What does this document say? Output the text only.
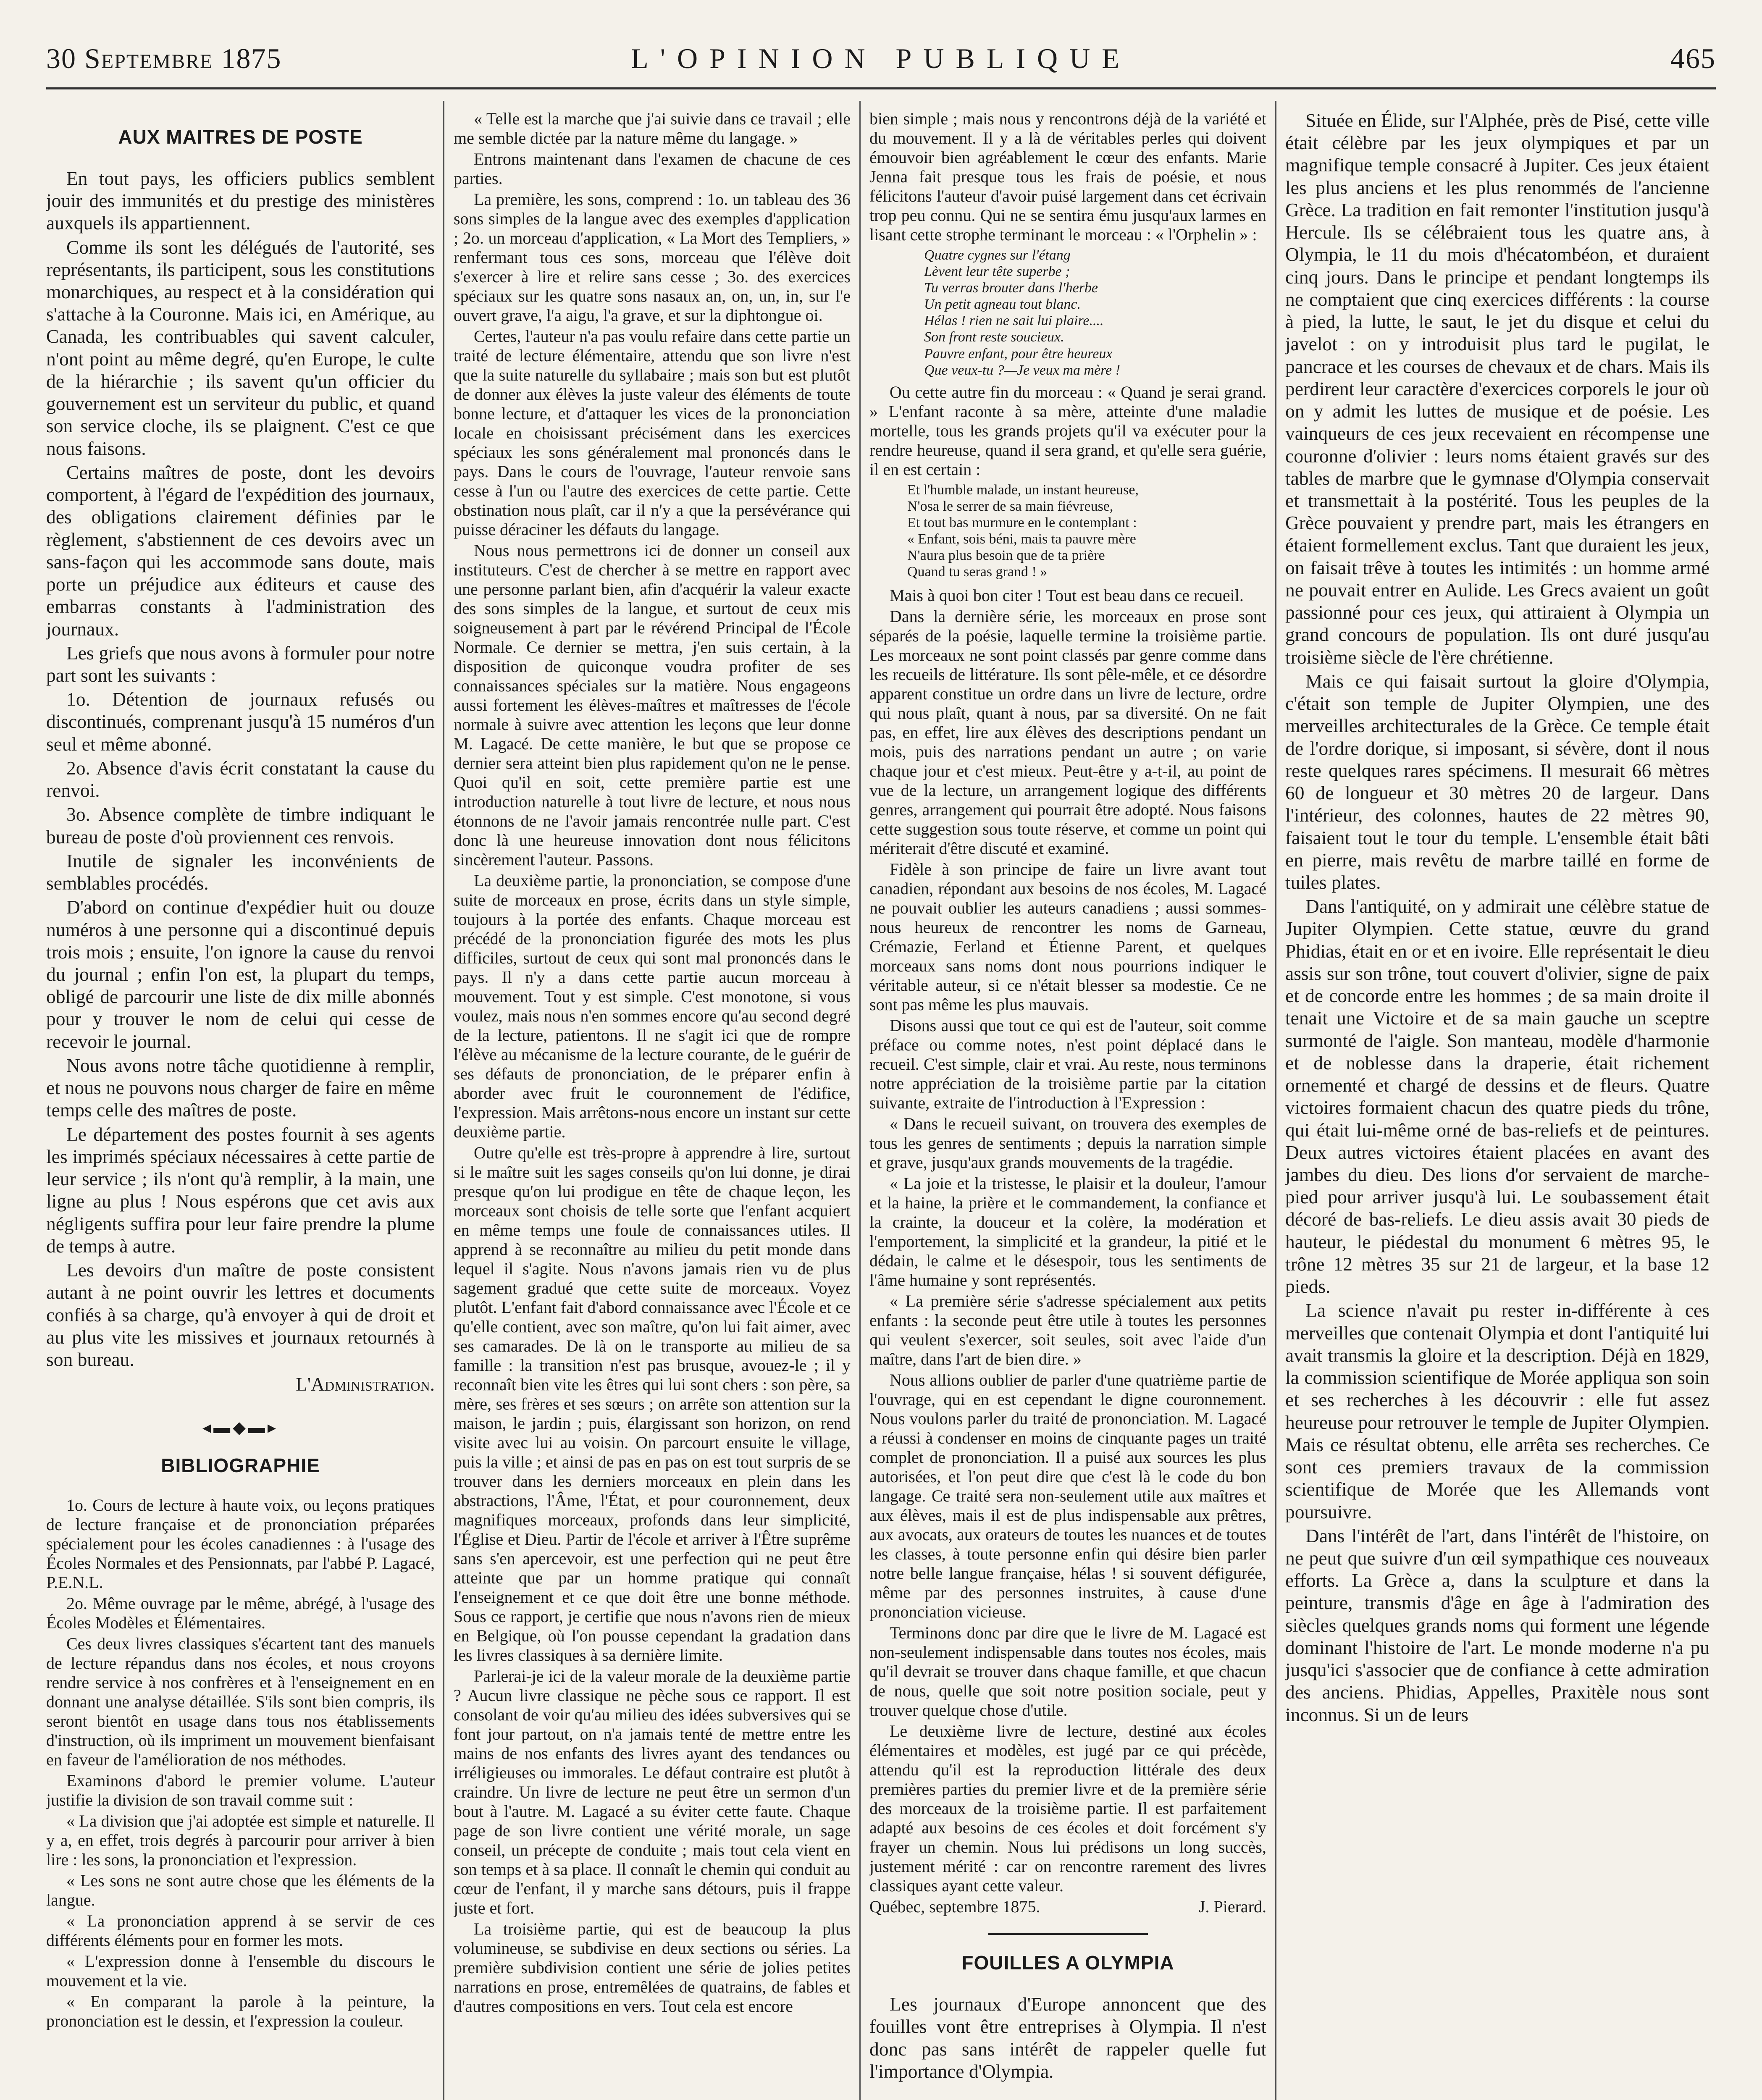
30 Septembre 1875	L'OPINION PUBLIQUE	465
AUX MAITRES DE POSTE

En tout pays, les officiers publics semblent jouir des immunités et du prestige des ministères auxquels ils appartiennent.

Comme ils sont les délégués de l'autorité, ses représentants, ils participent, sous les constitutions monarchiques, au respect et à la considération qui s'attache à la Couronne. Mais ici, en Amérique, au Canada, les contribuables qui savent calculer, n'ont point au même degré, qu'en Europe, le culte de la hiérarchie ; ils savent qu'un officier du gouvernement est un serviteur du public, et quand son service cloche, ils se plaignent. C'est ce que nous faisons.

Certains maîtres de poste, dont les devoirs comportent, à l'égard de l'expédition des journaux, des obligations clairement définies par le règlement, s'abstiennent de ces devoirs avec un sans-façon qui les accommode sans doute, mais porte un préjudice aux éditeurs et cause des embarras constants à l'administration des journaux.

Les griefs que nous avons à formuler pour notre part sont les suivants :

1o. Détention de journaux refusés ou discontinués, comprenant jusqu'à 15 numéros d'un seul et même abonné.

2o. Absence d'avis écrit constatant la cause du renvoi.

3o. Absence complète de timbre indiquant le bureau de poste d'où proviennent ces renvois.

Inutile de signaler les inconvénients de semblables procédés.

D'abord on continue d'expédier huit ou douze numéros à une personne qui a discontinué depuis trois mois ; ensuite, l'on ignore la cause du renvoi du journal ; enfin l'on est, la plupart du temps, obligé de parcourir une liste de dix mille abonnés pour y trouver le nom de celui qui cesse de recevoir le journal.

Nous avons notre tâche quotidienne à remplir, et nous ne pouvons nous charger de faire en même temps celle des maîtres de poste.

Le département des postes fournit à ses agents les imprimés spéciaux nécessaires à cette partie de leur service ; ils n'ont qu'à remplir, à la main, une ligne au plus ! Nous espérons que cet avis aux négligents suffira pour leur faire prendre la plume de temps à autre.

Les devoirs d'un maître de poste consistent autant à ne point ouvrir les lettres et documents confiés à sa charge, qu'à envoyer à qui de droit et au plus vite les missives et journaux retournés à son bureau.

L'Administration.

◂▬◆▬▸
BIBLIOGRAPHIE

1o. Cours de lecture à haute voix, ou leçons pratiques de lecture française et de prononciation préparées spécialement pour les écoles canadiennes : à l'usage des Écoles Normales et des Pensionnats, par l'abbé P. Lagacé, P.E.N.L.

2o. Même ouvrage par le même, abrégé, à l'usage des Écoles Modèles et Élémentaires.

Ces deux livres classiques s'écartent tant des manuels de lecture répandus dans nos écoles, et nous croyons rendre service à nos confrères et à l'enseignement en en donnant une analyse détaillée. S'ils sont bien compris, ils seront bientôt en usage dans tous nos établissements d'instruction, où ils impriment un mouvement bienfaisant en faveur de l'amélioration de nos méthodes.

Examinons d'abord le premier volume. L'auteur justifie la division de son travail comme suit :

« La division que j'ai adoptée est simple et naturelle. Il y a, en effet, trois degrés à parcourir pour arriver à bien lire : les sons, la prononciation et l'expression.

« Les sons ne sont autre chose que les éléments de la langue.

« La prononciation apprend à se servir de ces différents éléments pour en former les mots.

« L'expression donne à l'ensemble du discours le mouvement et la vie.

« En comparant la parole à la peinture, la prononciation est le dessin, et l'expression la couleur.

« Telle est la marche que j'ai suivie dans ce travail ; elle me semble dictée par la nature même du langage. »

Entrons maintenant dans l'examen de chacune de ces parties.

La première, les sons, comprend : 1o. un tableau des 36 sons simples de la langue avec des exemples d'application ; 2o. un morceau d'application, « La Mort des Templiers, » renfermant tous ces sons, morceau que l'élève doit s'exercer à lire et relire sans cesse ; 3o. des exercices spéciaux sur les quatre sons nasaux an, on, un, in, sur l'e ouvert grave, l'a aigu, l'a grave, et sur la diphtongue oi.

Certes, l'auteur n'a pas voulu refaire dans cette partie un traité de lecture élémentaire, attendu que son livre n'est que la suite naturelle du syllabaire ; mais son but est plutôt de donner aux élèves la juste valeur des éléments de toute bonne lecture, et d'attaquer les vices de la prononciation locale en choisissant précisément dans les exercices spéciaux les sons généralement mal prononcés dans le pays. Dans le cours de l'ouvrage, l'auteur renvoie sans cesse à l'un ou l'autre des exercices de cette partie. Cette obstination nous plaît, car il n'y a que la persévérance qui puisse déraciner les défauts du langage.

Nous nous permettrons ici de donner un conseil aux instituteurs. C'est de chercher à se mettre en rapport avec une personne parlant bien, afin d'acquérir la valeur exacte des sons simples de la langue, et surtout de ceux mis soigneusement à part par le révérend Principal de l'École Normale. Ce dernier se mettra, j'en suis certain, à la disposition de quiconque voudra profiter de ses connaissances spéciales sur la matière. Nous engageons aussi fortement les élèves-maîtres et maîtresses de l'école normale à suivre avec attention les leçons que leur donne M. Lagacé. De cette manière, le but que se propose ce dernier sera atteint bien plus rapidement qu'on ne le pense. Quoi qu'il en soit, cette première partie est une introduction naturelle à tout livre de lecture, et nous nous étonnons de ne l'avoir jamais rencontrée nulle part. C'est donc là une heureuse innovation dont nous félicitons sincèrement l'auteur. Passons.

La deuxième partie, la prononciation, se compose d'une suite de morceaux en prose, écrits dans un style simple, toujours à la portée des enfants. Chaque morceau est précédé de la prononciation figurée des mots les plus difficiles, surtout de ceux qui sont mal prononcés dans le pays. Il n'y a dans cette partie aucun morceau à mouvement. Tout y est simple. C'est monotone, si vous voulez, mais nous n'en sommes encore qu'au second degré de la lecture, patientons. Il ne s'agit ici que de rompre l'élève au mécanisme de la lecture courante, de le guérir de ses défauts de prononciation, de le préparer enfin à aborder avec fruit le couronnement de l'édifice, l'expression. Mais arrêtons-nous encore un instant sur cette deuxième partie.

Outre qu'elle est très-propre à apprendre à lire, surtout si le maître suit les sages conseils qu'on lui donne, je dirai presque qu'on lui prodigue en tête de chaque leçon, les morceaux sont choisis de telle sorte que l'enfant acquiert en même temps une foule de connaissances utiles. Il apprend à se reconnaître au milieu du petit monde dans lequel il s'agite. Nous n'avons jamais rien vu de plus sagement gradué que cette suite de morceaux. Voyez plutôt. L'enfant fait d'abord connaissance avec l'École et ce qu'elle contient, avec son maître, qu'on lui fait aimer, avec ses camarades. De là on le transporte au milieu de sa famille : la transition n'est pas brusque, avouez-le ; il y reconnaît bien vite les êtres qui lui sont chers : son père, sa mère, ses frères et ses sœurs ; on arrête son attention sur la maison, le jardin ; puis, élargissant son horizon, on rend visite avec lui au voisin. On parcourt ensuite le village, puis la ville ; et ainsi de pas en pas on est tout surpris de se trouver dans les derniers morceaux en plein dans les abstractions, l'Âme, l'État, et pour couronnement, deux magnifiques morceaux, profonds dans leur simplicité, l'Église et Dieu. Partir de l'école et arriver à l'Être suprême sans s'en apercevoir, est une perfection qui ne peut être atteinte que par un homme pratique qui connaît l'enseignement et ce que doit être une bonne méthode. Sous ce rapport, je certifie que nous n'avons rien de mieux en Belgique, où l'on pousse cependant la gradation dans les livres classiques à sa dernière limite.

Parlerai-je ici de la valeur morale de la deuxième partie ? Aucun livre classique ne pèche sous ce rapport. Il est consolant de voir qu'au milieu des idées subversives qui se font jour partout, on n'a jamais tenté de mettre entre les mains de nos enfants des livres ayant des tendances ou irréligieuses ou immorales. Le défaut contraire est plutôt à craindre. Un livre de lecture ne peut être un sermon d'un bout à l'autre. M. Lagacé a su éviter cette faute. Chaque page de son livre contient une vérité morale, un sage conseil, un précepte de conduite ; mais tout cela vient en son temps et à sa place. Il connaît le chemin qui conduit au cœur de l'enfant, il y marche sans détours, puis il frappe juste et fort.

La troisième partie, qui est de beaucoup la plus volumineuse, se subdivise en deux sections ou séries. La première subdivision contient une série de jolies petites narrations en prose, entremêlées de quatrains, de fables et d'autres compositions en vers. Tout cela est encore

bien simple ; mais nous y rencontrons déjà de la variété et du mouvement. Il y a là de véritables perles qui doivent émouvoir bien agréablement le cœur des enfants. Marie Jenna fait presque tous les frais de poésie, et nous félicitons l'auteur d'avoir puisé largement dans cet écrivain trop peu connu. Qui ne se sentira ému jusqu'aux larmes en lisant cette strophe terminant le morceau : « l'Orphelin » :

Quatre cygnes sur l'étang
Lèvent leur tête superbe ;
Tu verras brouter dans l'herbe
Un petit agneau tout blanc.
Hélas ! rien ne sait lui plaire....
Son front reste soucieux.
Pauvre enfant, pour être heureux
Que veux-tu ?—Je veux ma mère !

Ou cette autre fin du morceau : « Quand je serai grand. » L'enfant raconte à sa mère, atteinte d'une maladie mortelle, tous les grands projets qu'il va exécuter pour la rendre heureuse, quand il sera grand, et qu'elle sera guérie, il en est certain :

Et l'humble malade, un instant heureuse,
N'osa le serrer de sa main fiévreuse,
Et tout bas murmure en le contemplant :
« Enfant, sois béni, mais ta pauvre mère
N'aura plus besoin que de ta prière
Quand tu seras grand ! »

Mais à quoi bon citer ! Tout est beau dans ce recueil.

Dans la dernière série, les morceaux en prose sont séparés de la poésie, laquelle termine la troisième partie. Les morceaux ne sont point classés par genre comme dans les recueils de littérature. Ils sont pêle-mêle, et ce désordre apparent constitue un ordre dans un livre de lecture, ordre qui nous plaît, quant à nous, par sa diversité. On ne fait pas, en effet, lire aux élèves des descriptions pendant un mois, puis des narrations pendant un autre ; on varie chaque jour et c'est mieux. Peut-être y a-t-il, au point de vue de la lecture, un arrangement logique des différents genres, arrangement qui pourrait être adopté. Nous faisons cette suggestion sous toute réserve, et comme un point qui mériterait d'être discuté et examiné.

Fidèle à son principe de faire un livre avant tout canadien, répondant aux besoins de nos écoles, M. Lagacé ne pouvait oublier les auteurs canadiens ; aussi sommes-nous heureux de rencontrer les noms de Garneau, Crémazie, Ferland et Étienne Parent, et quelques morceaux sans noms dont nous pourrions indiquer le véritable auteur, si ce n'était blesser sa modestie. Ce ne sont pas même les plus mauvais.

Disons aussi que tout ce qui est de l'auteur, soit comme préface ou comme notes, n'est point déplacé dans le recueil. C'est simple, clair et vrai. Au reste, nous terminons notre appréciation de la troisième partie par la citation suivante, extraite de l'introduction à l'Expression :

« Dans le recueil suivant, on trouvera des exemples de tous les genres de sentiments ; depuis la narration simple et grave, jusqu'aux grands mouvements de la tragédie.

« La joie et la tristesse, le plaisir et la douleur, l'amour et la haine, la prière et le commandement, la confiance et la crainte, la douceur et la colère, la modération et l'emportement, la simplicité et la grandeur, la pitié et le dédain, le calme et le désespoir, tous les sentiments de l'âme humaine y sont représentés.

« La première série s'adresse spécialement aux petits enfants : la seconde peut être utile à toutes les personnes qui veulent s'exercer, soit seules, soit avec l'aide d'un maître, dans l'art de bien dire. »

Nous allions oublier de parler d'une quatrième partie de l'ouvrage, qui en est cependant le digne couronnement. Nous voulons parler du traité de prononciation. M. Lagacé a réussi à condenser en moins de cinquante pages un traité complet de prononciation. Il a puisé aux sources les plus autorisées, et l'on peut dire que c'est là le code du bon langage. Ce traité sera non-seulement utile aux maîtres et aux élèves, mais il est de plus indispensable aux prêtres, aux avocats, aux orateurs de toutes les nuances et de toutes les classes, à toute personne enfin qui désire bien parler notre belle langue française, hélas ! si souvent défigurée, même par des personnes instruites, à cause d'une prononciation vicieuse.

Terminons donc par dire que le livre de M. Lagacé est non-seulement indispensable dans toutes nos écoles, mais qu'il devrait se trouver dans chaque famille, et que chacun de nous, quelle que soit notre position sociale, peut y trouver quelque chose d'utile.

Le deuxième livre de lecture, destiné aux écoles élémentaires et modèles, est jugé par ce qui précède, attendu qu'il est la reproduction littérale des deux premières parties du premier livre et de la première série des morceaux de la troisième partie. Il est parfaitement adapté aux besoins de ces écoles et doit forcément s'y frayer un chemin. Nous lui prédisons un long succès, justement mérité : car on rencontre rarement des livres classiques ayant cette valeur.

Québec, septembre 1875.	J. Pierard.

FOUILLES A OLYMPIA

Les journaux d'Europe annoncent que des fouilles vont être entreprises à Olympia. Il n'est donc pas sans intérêt de rappeler quelle fut l'importance d'Olympia.

Située en Élide, sur l'Alphée, près de Pisé, cette ville était célèbre par les jeux olympiques et par un magnifique temple consacré à Jupiter. Ces jeux étaient les plus anciens et les plus renommés de l'ancienne Grèce. La tradition en fait remonter l'institution jusqu'à Hercule. Ils se célébraient tous les quatre ans, à Olympia, le 11 du mois d'hécatombéon, et duraient cinq jours. Dans le principe et pendant longtemps ils ne comptaient que cinq exercices différents : la course à pied, la lutte, le saut, le jet du disque et celui du javelot : on y introduisit plus tard le pugilat, le pancrace et les courses de chevaux et de chars. Mais ils perdirent leur caractère d'exercices corporels le jour où on y admit les luttes de musique et de poésie. Les vainqueurs de ces jeux recevaient en récompense une couronne d'olivier : leurs noms étaient gravés sur des tables de marbre que le gymnase d'Olympia conservait et transmettait à la postérité. Tous les peuples de la Grèce pouvaient y prendre part, mais les étrangers en étaient formellement exclus. Tant que duraient les jeux, on faisait trêve à toutes les intimités : un homme armé ne pouvait entrer en Aulide. Les Grecs avaient un goût passionné pour ces jeux, qui attiraient à Olympia un grand concours de population. Ils ont duré jusqu'au troisième siècle de l'ère chrétienne.

Mais ce qui faisait surtout la gloire d'Olympia, c'était son temple de Jupiter Olympien, une des merveilles architecturales de la Grèce. Ce temple était de l'ordre dorique, si imposant, si sévère, dont il nous reste quelques rares spécimens. Il mesurait 66 mètres 60 de longueur et 30 mètres 20 de largeur. Dans l'intérieur, des colonnes, hautes de 22 mètres 90, faisaient tout le tour du temple. L'ensemble était bâti en pierre, mais revêtu de marbre taillé en forme de tuiles plates.

Dans l'antiquité, on y admirait une célèbre statue de Jupiter Olympien. Cette statue, œuvre du grand Phidias, était en or et en ivoire. Elle représentait le dieu assis sur son trône, tout couvert d'olivier, signe de paix et de concorde entre les hommes ; de sa main droite il tenait une Victoire et de sa main gauche un sceptre surmonté de l'aigle. Son manteau, modèle d'harmonie et de noblesse dans la draperie, était richement ornementé et chargé de dessins et de fleurs. Quatre victoires formaient chacun des quatre pieds du trône, qui était lui-même orné de bas-reliefs et de peintures. Deux autres victoires étaient placées en avant des jambes du dieu. Des lions d'or servaient de marche-pied pour arriver jusqu'à lui. Le soubassement était décoré de bas-reliefs. Le dieu assis avait 30 pieds de hauteur, le piédestal du monument 6 mètres 95, le trône 12 mètres 35 sur 21 de largeur, et la base 12 pieds.

La science n'avait pu rester in-différente à ces merveilles que contenait Olympia et dont l'antiquité lui avait transmis la gloire et la description. Déjà en 1829, la commission scientifique de Morée appliqua son soin et ses recherches à les découvrir : elle fut assez heureuse pour retrouver le temple de Jupiter Olympien. Mais ce résultat obtenu, elle arrêta ses recherches. Ce sont ces premiers travaux de la commission scientifique de Morée que les Allemands vont poursuivre.

Dans l'intérêt de l'art, dans l'intérêt de l'histoire, on ne peut que suivre d'un œil sympathique ces nouveaux efforts. La Grèce a, dans la sculpture et dans la peinture, transmis d'âge en âge à l'admiration des siècles quelques grands noms qui forment une légende dominant l'histoire de l'art. Le monde moderne n'a pu jusqu'ici s'associer que de confiance à cette admiration des anciens. Phidias, Appelles, Praxitèle nous sont inconnus. Si un de leurs
